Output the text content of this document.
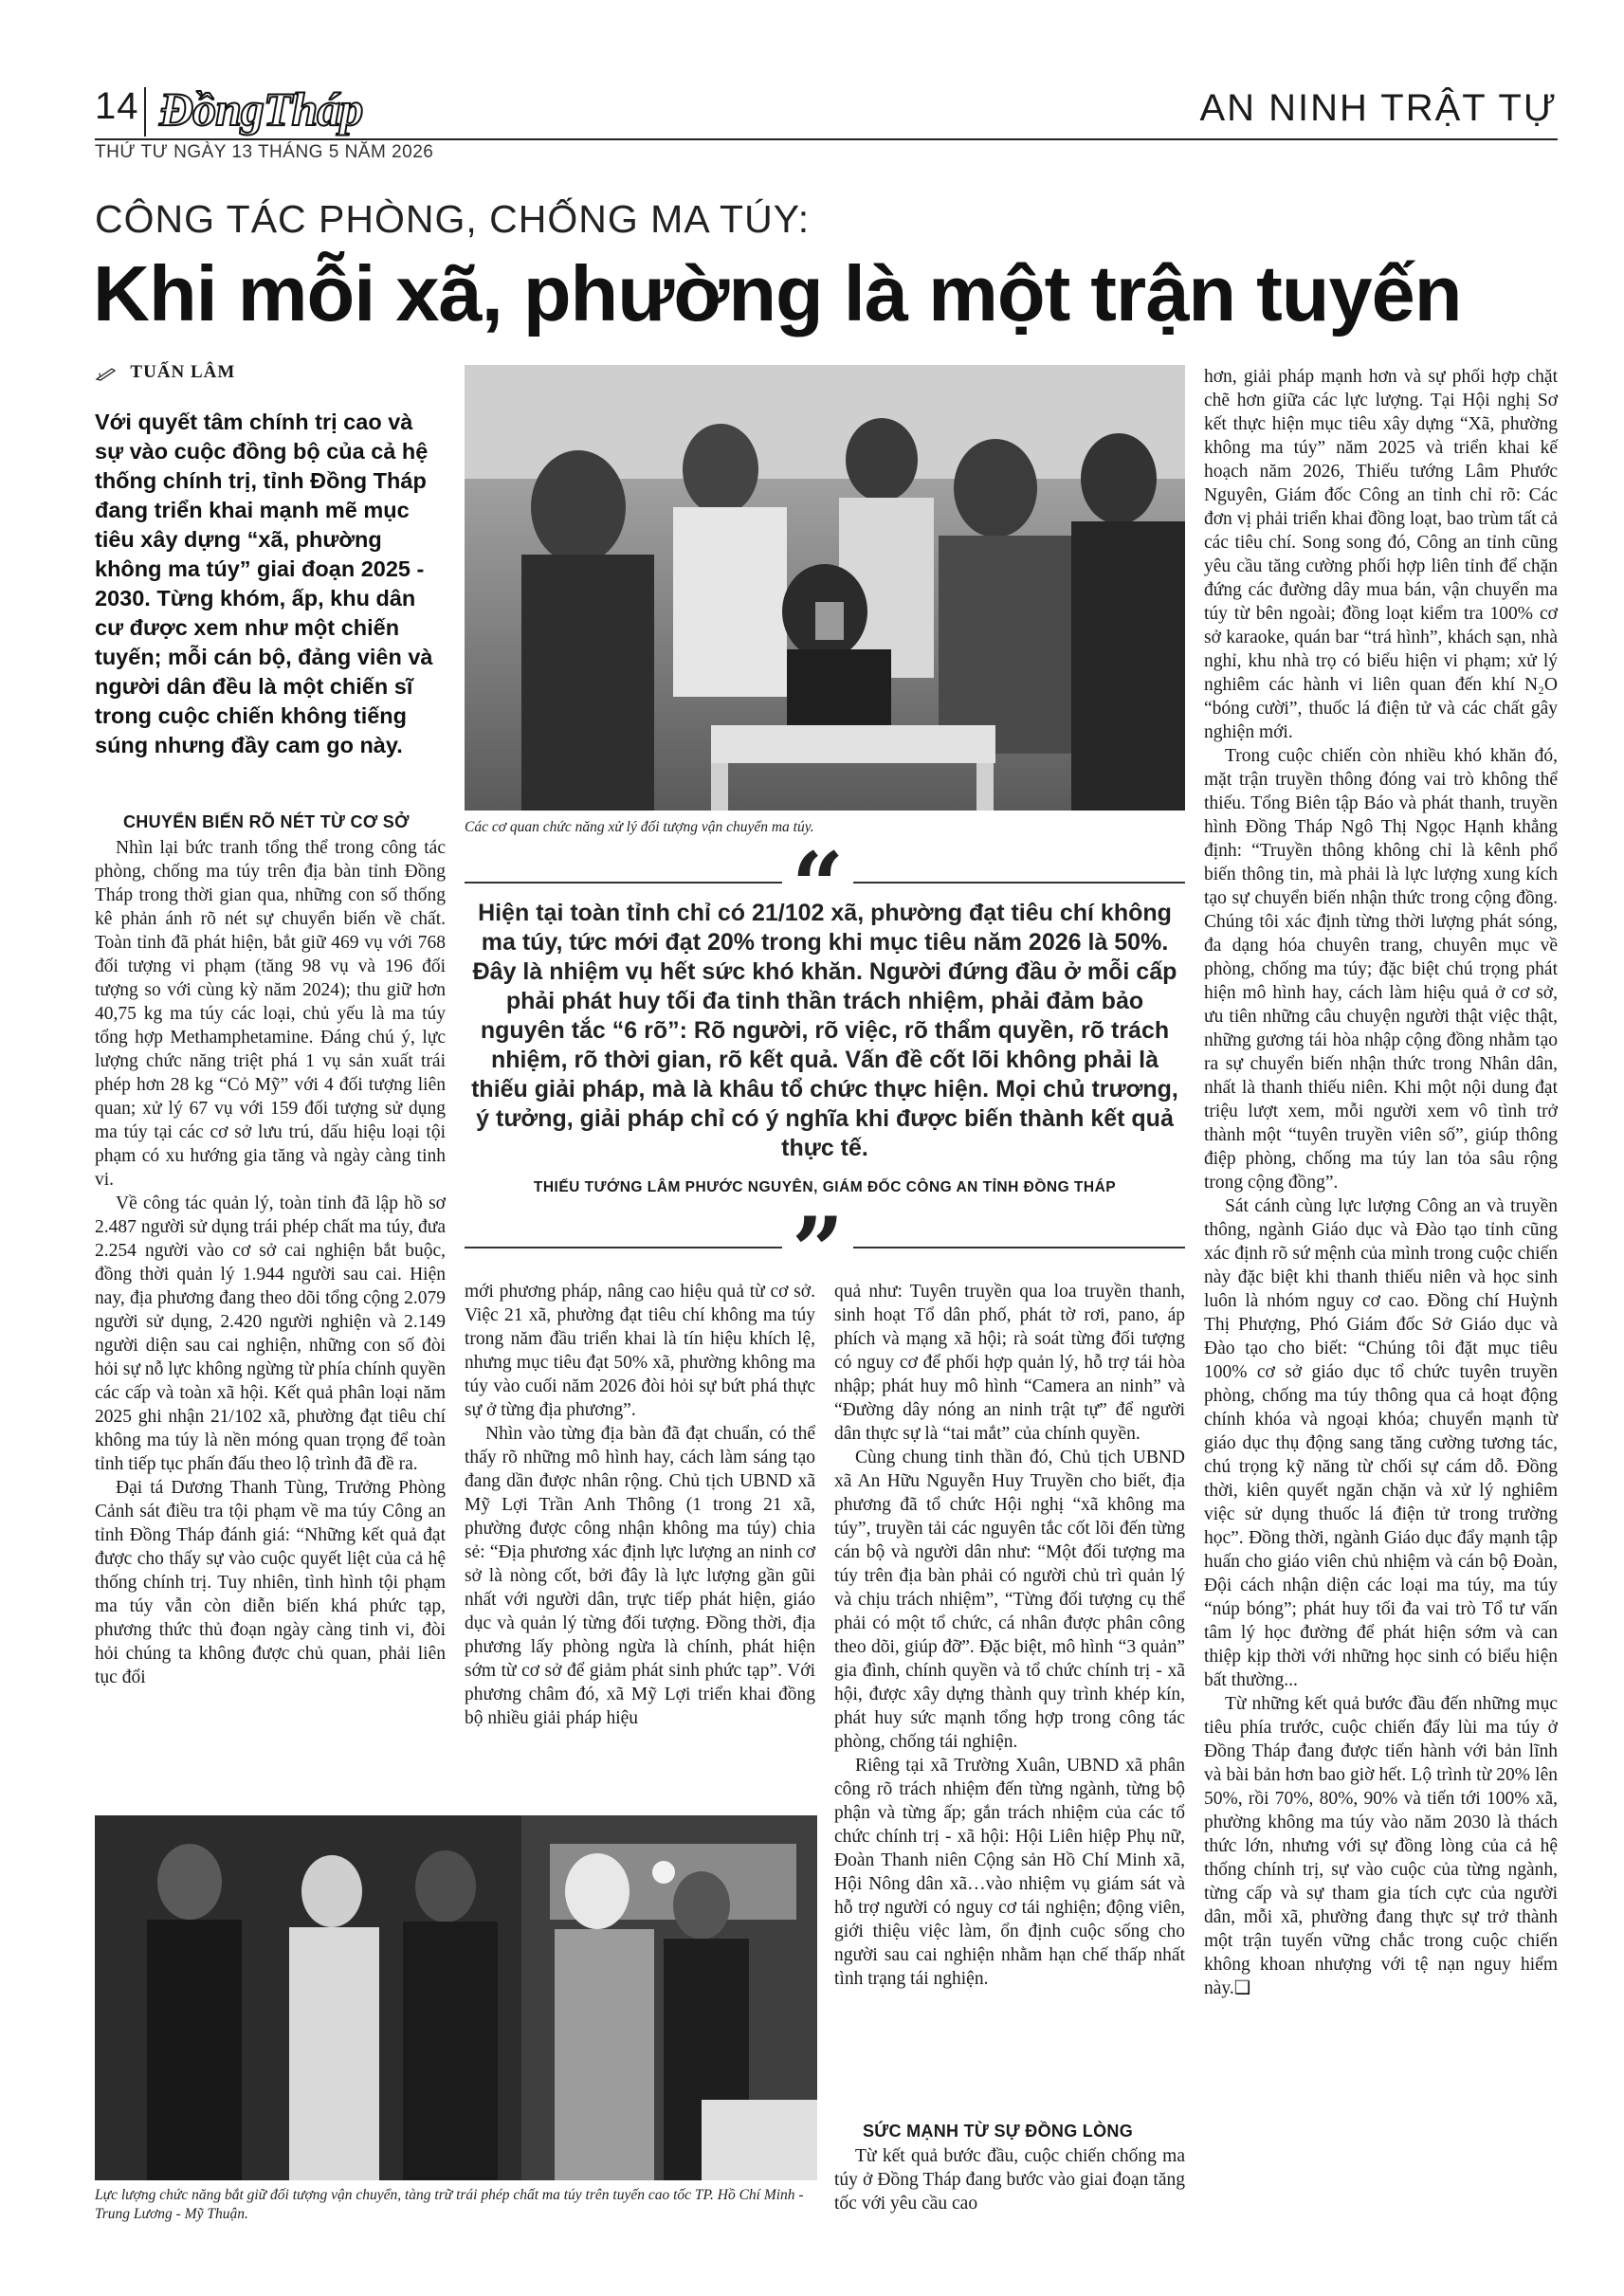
14 ĐồngTháp	AN NINH TRẬT TỰ
THỨ TƯ NGÀY 13 THÁNG 5 NĂM 2026
CÔNG TÁC PHÒNG, CHỐNG MA TÚY:
Khi mỗi xã, phường là một trận tuyến
TUẤN LÂM
Với quyết tâm chính trị cao và sự vào cuộc đồng bộ của cả hệ thống chính trị, tỉnh Đồng Tháp đang triển khai mạnh mẽ mục tiêu xây dựng “xã, phường không ma túy” giai đoạn 2025 - 2030. Từng khóm, ấp, khu dân cư được xem như một chiến tuyến; mỗi cán bộ, đảng viên và người dân đều là một chiến sĩ trong cuộc chiến không tiếng súng nhưng đầy cam go này.
CHUYỂN BIẾN RÕ NÉT TỪ CƠ SỞ

Nhìn lại bức tranh tổng thể trong công tác phòng, chống ma túy trên địa bàn tỉnh Đồng Tháp trong thời gian qua, những con số thống kê phản ánh rõ nét sự chuyển biến về chất. Toàn tỉnh đã phát hiện, bắt giữ 469 vụ với 768 đối tượng vi phạm (tăng 98 vụ và 196 đối tượng so với cùng kỳ năm 2024); thu giữ hơn 40,75 kg ma túy các loại, chủ yếu là ma túy tổng hợp Methamphetamine. Đáng chú ý, lực lượng chức năng triệt phá 1 vụ sản xuất trái phép hơn 28 kg “Cỏ Mỹ” với 4 đối tượng liên quan; xử lý 67 vụ với 159 đối tượng sử dụng ma túy tại các cơ sở lưu trú, dấu hiệu loại tội phạm có xu hướng gia tăng và ngày càng tinh vi.

Về công tác quản lý, toàn tỉnh đã lập hồ sơ 2.487 người sử dụng trái phép chất ma túy, đưa 2.254 người vào cơ sở cai nghiện bắt buộc, đồng thời quản lý 1.944 người sau cai. Hiện nay, địa phương đang theo dõi tổng cộng 2.079 người sử dụng, 2.420 người nghiện và 2.149 người diện sau cai nghiện, những con số đòi hỏi sự nỗ lực không ngừng từ phía chính quyền các cấp và toàn xã hội. Kết quả phân loại năm 2025 ghi nhận 21/102 xã, phường đạt tiêu chí không ma túy là nền móng quan trọng để toàn tỉnh tiếp tục phấn đấu theo lộ trình đã đề ra.

Đại tá Dương Thanh Tùng, Trưởng Phòng Cảnh sát điều tra tội phạm về ma túy Công an tỉnh Đồng Tháp đánh giá: “Những kết quả đạt được cho thấy sự vào cuộc quyết liệt của cả hệ thống chính trị. Tuy nhiên, tình hình tội phạm ma túy vẫn còn diễn biến khá phức tạp, phương thức thủ đoạn ngày càng tinh vi, đòi hỏi chúng ta không được chủ quan, phải liên tục đổi

Các cơ quan chức năng xử lý đối tượng vận chuyển ma túy.
“
Hiện tại toàn tỉnh chỉ có 21/102 xã, phường đạt tiêu chí không ma túy, tức mới đạt 20% trong khi mục tiêu năm 2026 là 50%. Đây là nhiệm vụ hết sức khó khăn. Người đứng đầu ở mỗi cấp phải phát huy tối đa tinh thần trách nhiệm, phải đảm bảo nguyên tắc “6 rõ”: Rõ người, rõ việc, rõ thẩm quyền, rõ trách nhiệm, rõ thời gian, rõ kết quả. Vấn đề cốt lõi không phải là thiếu giải pháp, mà là khâu tổ chức thực hiện. Mọi chủ trương, ý tưởng, giải pháp chỉ có ý nghĩa khi được biến thành kết quả thực tế.
THIẾU TƯỚNG LÂM PHƯỚC NGUYÊN, GIÁM ĐỐC CÔNG AN TỈNH ĐỒNG THÁP
”

mới phương pháp, nâng cao hiệu quả từ cơ sở. Việc 21 xã, phường đạt tiêu chí không ma túy trong năm đầu triển khai là tín hiệu khích lệ, nhưng mục tiêu đạt 50% xã, phường không ma túy vào cuối năm 2026 đòi hỏi sự bứt phá thực sự ở từng địa phương”.

Nhìn vào từng địa bàn đã đạt chuẩn, có thể thấy rõ những mô hình hay, cách làm sáng tạo đang dần được nhân rộng. Chủ tịch UBND xã Mỹ Lợi Trần Anh Thông (1 trong 21 xã, phường được công nhận không ma túy) chia sẻ: “Địa phương xác định lực lượng an ninh cơ sở là nòng cốt, bởi đây là lực lượng gần gũi nhất với người dân, trực tiếp phát hiện, giáo dục và quản lý từng đối tượng. Đồng thời, địa phương lấy phòng ngừa là chính, phát hiện sớm từ cơ sở để giảm phát sinh phức tạp”. Với phương châm đó, xã Mỹ Lợi triển khai đồng bộ nhiều giải pháp hiệu

quả như: Tuyên truyền qua loa truyền thanh, sinh hoạt Tổ dân phố, phát tờ rơi, pano, áp phích và mạng xã hội; rà soát từng đối tượng có nguy cơ để phối hợp quản lý, hỗ trợ tái hòa nhập; phát huy mô hình “Camera an ninh” và “Đường dây nóng an ninh trật tự” để người dân thực sự là “tai mắt” của chính quyền.

Cùng chung tinh thần đó, Chủ tịch UBND xã An Hữu Nguyễn Huy Truyền cho biết, địa phương đã tổ chức Hội nghị “xã không ma túy”, truyền tải các nguyên tắc cốt lõi đến từng cán bộ và người dân như: “Một đối tượng ma túy trên địa bàn phải có người chủ trì quản lý và chịu trách nhiệm”, “Từng đối tượng cụ thể phải có một tổ chức, cá nhân được phân công theo dõi, giúp đỡ”. Đặc biệt, mô hình “3 quản” gia đình, chính quyền và tổ chức chính trị - xã hội, được xây dựng thành quy trình khép kín, phát huy sức mạnh tổng hợp trong công tác phòng, chống tái nghiện.

Riêng tại xã Trường Xuân, UBND xã phân công rõ trách nhiệm đến từng ngành, từng bộ phận và từng ấp; gắn trách nhiệm của các tổ chức chính trị - xã hội: Hội Liên hiệp Phụ nữ, Đoàn Thanh niên Cộng sản Hồ Chí Minh xã, Hội Nông dân xã…vào nhiệm vụ giám sát và hỗ trợ người có nguy cơ tái nghiện; động viên, giới thiệu việc làm, ổn định cuộc sống cho người sau cai nghiện nhằm hạn chế thấp nhất tình trạng tái nghiện.

SỨC MẠNH TỪ SỰ ĐỒNG LÒNG

Từ kết quả bước đầu, cuộc chiến chống ma túy ở Đồng Tháp đang bước vào giai đoạn tăng tốc với yêu cầu cao

Lực lượng chức năng bắt giữ đối tượng vận chuyển, tàng trữ trái phép chất ma túy trên tuyến cao tốc TP. Hồ Chí Minh - Trung Lương - Mỹ Thuận.

hơn, giải pháp mạnh hơn và sự phối hợp chặt chẽ hơn giữa các lực lượng. Tại Hội nghị Sơ kết thực hiện mục tiêu xây dựng “Xã, phường không ma túy” năm 2025 và triển khai kế hoạch năm 2026, Thiếu tướng Lâm Phước Nguyên, Giám đốc Công an tỉnh chỉ rõ: Các đơn vị phải triển khai đồng loạt, bao trùm tất cả các tiêu chí. Song song đó, Công an tỉnh cũng yêu cầu tăng cường phối hợp liên tỉnh để chặn đứng các đường dây mua bán, vận chuyển ma túy từ bên ngoài; đồng loạt kiểm tra 100% cơ sở karaoke, quán bar “trá hình”, khách sạn, nhà nghỉ, khu nhà trọ có biểu hiện vi phạm; xử lý nghiêm các hành vi liên quan đến khí N₂O “bóng cười”, thuốc lá điện tử và các chất gây nghiện mới.

Trong cuộc chiến còn nhiều khó khăn đó, mặt trận truyền thông đóng vai trò không thể thiếu. Tổng Biên tập Báo và phát thanh, truyền hình Đồng Tháp Ngô Thị Ngọc Hạnh khẳng định: “Truyền thông không chỉ là kênh phổ biến thông tin, mà phải là lực lượng xung kích tạo sự chuyển biến nhận thức trong cộng đồng. Chúng tôi xác định từng thời lượng phát sóng, đa dạng hóa chuyên trang, chuyên mục về phòng, chống ma túy; đặc biệt chú trọng phát hiện mô hình hay, cách làm hiệu quả ở cơ sở, ưu tiên những câu chuyện người thật việc thật, những gương tái hòa nhập cộng đồng nhằm tạo ra sự chuyển biến nhận thức trong Nhân dân, nhất là thanh thiếu niên. Khi một nội dung đạt triệu lượt xem, mỗi người xem vô tình trở thành một “tuyên truyền viên số”, giúp thông điệp phòng, chống ma túy lan tỏa sâu rộng trong cộng đồng”.

Sát cánh cùng lực lượng Công an và truyền thông, ngành Giáo dục và Đào tạo tỉnh cũng xác định rõ sứ mệnh của mình trong cuộc chiến này đặc biệt khi thanh thiếu niên và học sinh luôn là nhóm nguy cơ cao. Đồng chí Huỳnh Thị Phượng, Phó Giám đốc Sở Giáo dục và Đào tạo cho biết: “Chúng tôi đặt mục tiêu 100% cơ sở giáo dục tổ chức tuyên truyền phòng, chống ma túy thông qua cả hoạt động chính khóa và ngoại khóa; chuyển mạnh từ giáo dục thụ động sang tăng cường tương tác, chú trọng kỹ năng từ chối sự cám dỗ. Đồng thời, kiên quyết ngăn chặn và xử lý nghiêm việc sử dụng thuốc lá điện tử trong trường học”. Đồng thời, ngành Giáo dục đẩy mạnh tập huấn cho giáo viên chủ nhiệm và cán bộ Đoàn, Đội cách nhận diện các loại ma túy, ma túy “núp bóng”; phát huy tối đa vai trò Tổ tư vấn tâm lý học đường để phát hiện sớm và can thiệp kịp thời với những học sinh có biểu hiện bất thường...

Từ những kết quả bước đầu đến những mục tiêu phía trước, cuộc chiến đẩy lùi ma túy ở Đồng Tháp đang được tiến hành với bản lĩnh và bài bản hơn bao giờ hết. Lộ trình từ 20% lên 50%, rồi 70%, 80%, 90% và tiến tới 100% xã, phường không ma túy vào năm 2030 là thách thức lớn, nhưng với sự đồng lòng của cả hệ thống chính trị, sự vào cuộc của từng ngành, từng cấp và sự tham gia tích cực của người dân, mỗi xã, phường đang thực sự trở thành một trận tuyến vững chắc trong cuộc chiến không khoan nhượng với tệ nạn nguy hiểm này.❑
